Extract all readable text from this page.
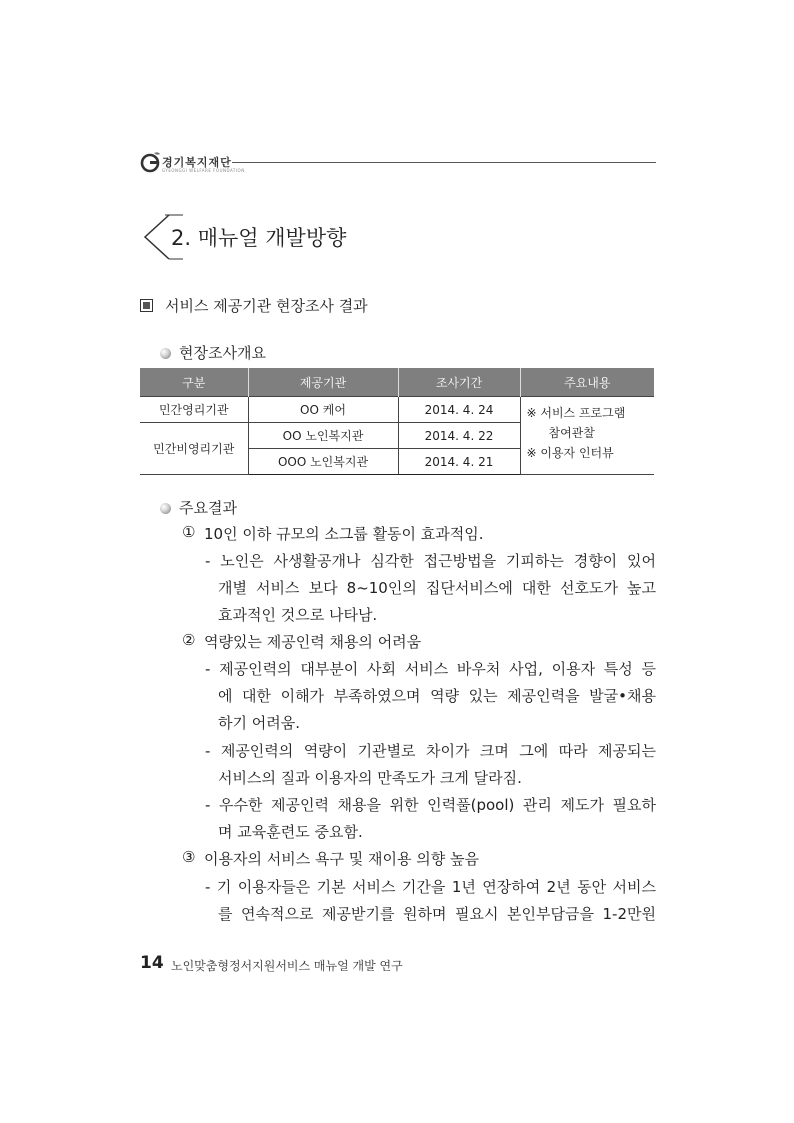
경기복지재단
GYEONGGI WELFARE FOUNDATION
2. 매뉴얼 개발방향
서비스 제공기관 현장조사 결과
현장조사개요
구분	제공기관	조사기간	주요내용
민간영리기관	OO 케어	2014. 4. 24	※ 서비스 프로그램
참여관찰
※ 이용자 인터뷰

민간비영리기관	OO 노인복지관	2014. 4. 22	
	OOO 노인복지관	2014. 4. 21	
주요결과
① 10인 이하 규모의 소그룹 활동이 효과적임.
- 노인은 사생활공개나 심각한 접근방법을 기피하는 경향이 있어
개별 서비스 보다 8~10인의 집단서비스에 대한 선호도가 높고
효과적인 것으로 나타남.
② 역량있는 제공인력 채용의 어려움
- 제공인력의 대부분이 사회 서비스 바우처 사업, 이용자 특성 등
에 대한 이해가 부족하였으며 역량 있는 제공인력을 발굴•채용
하기 어려움.
- 제공인력의 역량이 기관별로 차이가 크며 그에 따라 제공되는
서비스의 질과 이용자의 만족도가 크게 달라짐.
- 우수한 제공인력 채용을 위한 인력풀(pool) 관리 제도가 필요하
며 교육훈련도 중요함.
③ 이용자의 서비스 욕구 및 재이용 의향 높음
- 기 이용자들은 기본 서비스 기간을 1년 연장하여 2년 동안 서비스
를 연속적으로 제공받기를 원하며 필요시 본인부담금을 1-2만원
14 노인맞춤형정서지원서비스 매뉴얼 개발 연구
